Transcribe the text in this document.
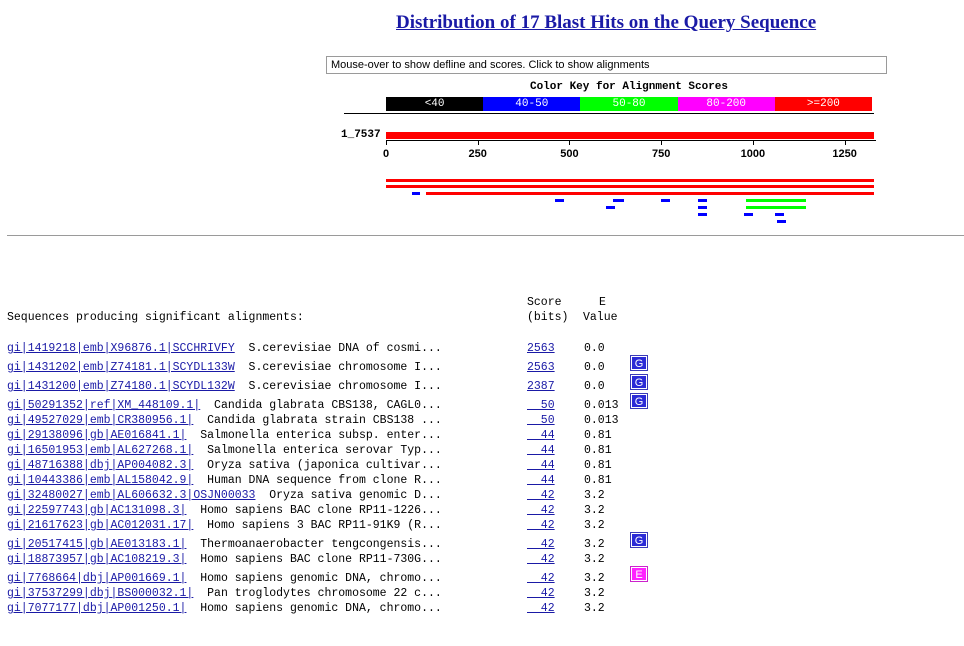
Distribution of 17 Blast Hits on the Query Sequence
Mouse-over to show defline and scores. Click to show alignments
Color Key for Alignment Scores
<40	40-50	50-80	80-200	>=200
1_7537
0	250	500	750	1000	1250
Score	E
Sequences producing significant alignments:	(bits) Value
gi|1419218|emb|X96876.1|SCCHRIVFY  S.cerevisiae DNA of cosmi...	2563	0.0
gi|1431202|emb|Z74181.1|SCYDL133W  S.cerevisiae chromosome I...	2563	0.0	G
gi|1431200|emb|Z74180.1|SCYDL132W  S.cerevisiae chromosome I...	2387	0.0	G
gi|50291352|ref|XM_448109.1|  Candida glabrata CBS138, CAGL0...	50	0.013	G
gi|49527029|emb|CR380956.1|  Candida glabrata strain CBS138 ...	50	0.013
gi|29138096|gb|AE016841.1|  Salmonella enterica subsp. enter...	44	0.81
gi|16501953|emb|AL627268.1|  Salmonella enterica serovar Typ...	44	0.81
gi|48716388|dbj|AP004082.3|  Oryza sativa (japonica cultivar...	44	0.81
gi|10443386|emb|AL158042.9|  Human DNA sequence from clone R...	44	0.81
gi|32480027|emb|AL606632.3|OSJN00033  Oryza sativa genomic D...	42	3.2
gi|22597743|gb|AC131098.3|  Homo sapiens BAC clone RP11-1226...	42	3.2
gi|21617623|gb|AC012031.17|  Homo sapiens 3 BAC RP11-91K9 (R...	42	3.2
gi|20517415|gb|AE013183.1|  Thermoanaerobacter tengcongensis...	42	3.2	G
gi|18873957|gb|AC108219.3|  Homo sapiens BAC clone RP11-730G...	42	3.2
gi|7768664|dbj|AP001669.1|  Homo sapiens genomic DNA, chromo...	42	3.2	E
gi|37537299|dbj|BS000032.1|  Pan troglodytes chromosome 22 c...	42	3.2
gi|7077177|dbj|AP001250.1|  Homo sapiens genomic DNA, chromo...	42	3.2
